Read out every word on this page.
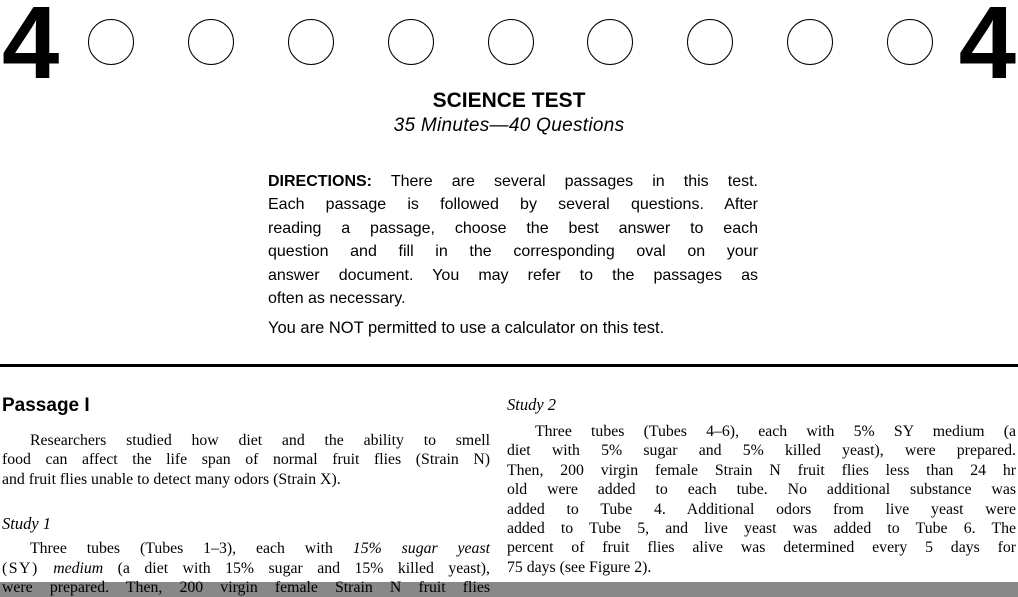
4	4
SCIENCE TEST
35 Minutes—40 Questions
DIRECTIONS: There are several passages in this test.
Each passage is followed by several questions. After
reading a passage, choose the best answer to each
question and fill in the corresponding oval on your
answer document. You may refer to the passages as
often as necessary.
You are NOT permitted to use a calculator on this test.
Passage I
Researchers studied how diet and the ability to smell
food can affect the life span of normal fruit flies (Strain N)
and fruit flies unable to detect many odors (Strain X).
Study 1
Three tubes (Tubes 1–3), each with 15% sugar yeast
(SY) medium (a diet with 15% sugar and 15% killed yeast),
were prepared. Then, 200 virgin female Strain N fruit flies
Study 2
Three tubes (Tubes 4–6), each with 5% SY medium (a
diet with 5% sugar and 5% killed yeast), were prepared.
Then, 200 virgin female Strain N fruit flies less than 24 hr
old were added to each tube. No additional substance was
added to Tube 4. Additional odors from live yeast were
added to Tube 5, and live yeast was added to Tube 6. The
percent of fruit flies alive was determined every 5 days for
75 days (see Figure 2).
